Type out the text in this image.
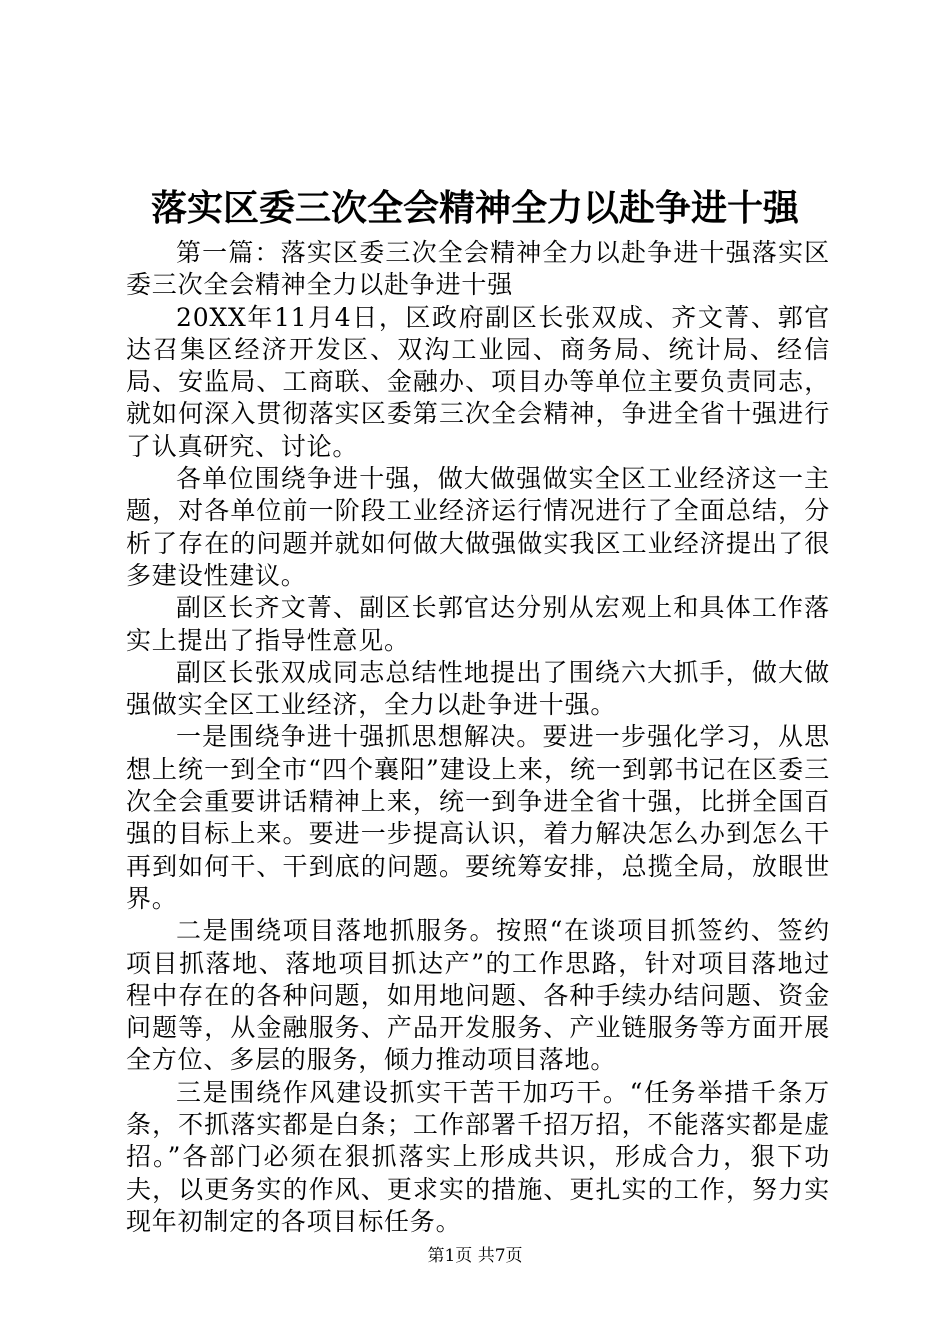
落实区委三次全会精神全力以赴争进十强

第一篇：落实区委三次全会精神全力以赴争进十强落实区委三次全会精神全力以赴争进十强

20XX年11月4日，区政府副区长张双成、齐文菁、郭官达召集区经济开发区、双沟工业园、商务局、统计局、经信局、安监局、工商联、金融办、项目办等单位主要负责同志，就如何深入贯彻落实区委第三次全会精神，争进全省十强进行了认真研究、讨论。

各单位围绕争进十强，做大做强做实全区工业经济这一主题，对各单位前一阶段工业经济运行情况进行了全面总结，分析了存在的问题并就如何做大做强做实我区工业经济提出了很多建设性建议。

副区长齐文菁、副区长郭官达分别从宏观上和具体工作落实上提出了指导性意见。

副区长张双成同志总结性地提出了围绕六大抓手，做大做强做实全区工业经济，全力以赴争进十强。

一是围绕争进十强抓思想解决。要进一步强化学习，从思想上统一到全市“四个襄阳”建设上来，统一到郭书记在区委三次全会重要讲话精神上来，统一到争进全省十强，比拼全国百强的目标上来。要进一步提高认识，着力解决怎么办到怎么干再到如何干、干到底的问题。要统筹安排，总揽全局，放眼世界。

二是围绕项目落地抓服务。按照“在谈项目抓签约、签约项目抓落地、落地项目抓达产”的工作思路，针对项目落地过程中存在的各种问题，如用地问题、各种手续办结问题、资金问题等，从金融服务、产品开发服务、产业链服务等方面开展全方位、多层的服务，倾力推动项目落地。

三是围绕作风建设抓实干苦干加巧干。“任务举措千条万条，不抓落实都是白条；工作部署千招万招，不能落实都是虚招。”各部门必须在狠抓落实上形成共识，形成合力，狠下功夫，以更务实的作风、更求实的措施、更扎实的工作，努力实现年初制定的各项目标任务。

第1页 共7页
